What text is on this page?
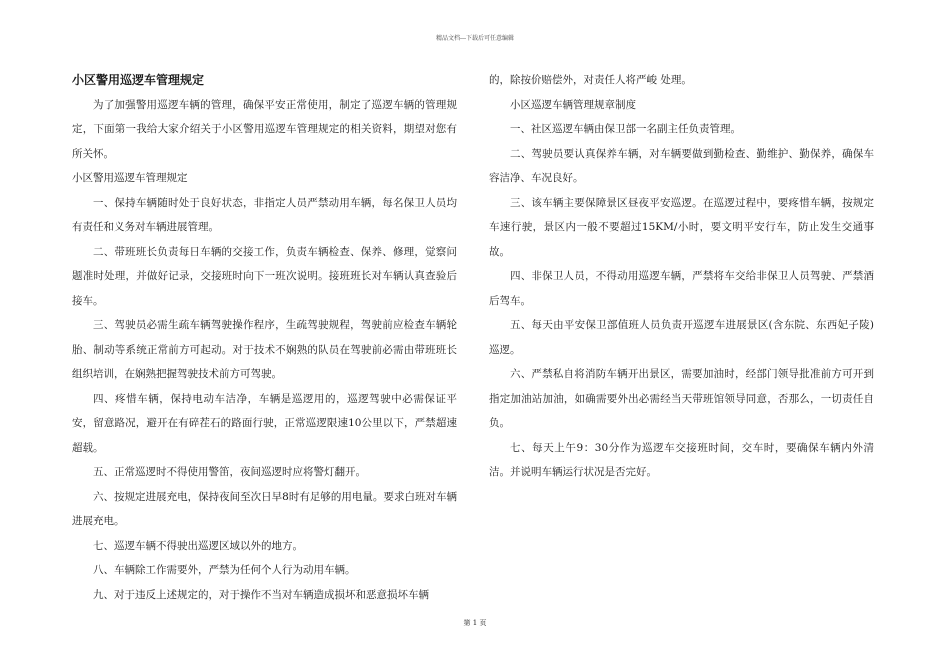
精品文档---下载后可任意编辑
小区警用巡逻车管理规定

为了加强警用巡逻车辆的管理，确保平安正常使用，制定了巡逻车辆的管理规定，下面第一我给大家介绍关于小区警用巡逻车管理规定的相关资料，期望对您有所关怀。

小区警用巡逻车管理规定

一、保持车辆随时处于良好状态，非指定人员严禁动用车辆，每名保卫人员均有责任和义务对车辆进展管理。

二、带班班长负责每日车辆的交接工作，负责车辆检查、保养、修理，觉察问题准时处理，并做好记录，交接班时向下一班次说明。接班班长对车辆认真查验后接车。

三、驾驶员必需生疏车辆驾驶操作程序，生疏驾驶规程，驾驶前应检查车辆轮胎、制动等系统正常前方可起动。对于技术不娴熟的队员在驾驶前必需由带班班长组织培训，在娴熟把握驾驶技术前方可驾驶。

四、疼惜车辆，保持电动车洁净，车辆是巡逻用的，巡逻驾驶中必需保证平安，留意路况，避开在有碎茬石的路面行驶，正常巡逻限速10公里以下，严禁超速超载。

五、正常巡逻时不得使用警笛，夜间巡逻时应将警灯翻开。

六、按规定进展充电，保持夜间至次日早8时有足够的用电量。要求白班对车辆进展充电。

七、巡逻车辆不得驶出巡逻区域以外的地方。

八、车辆除工作需要外，严禁为任何个人行为动用车辆。

九、对于违反上述规定的，对于操作不当对车辆造成损坏和恶意损坏车辆

的，除按价赔偿外，对责任人将严峻 处理。

小区巡逻车辆管理规章制度

一、社区巡逻车辆由保卫部一名副主任负责管理。

二、驾驶员要认真保养车辆，对车辆要做到勤检查、勤维护、勤保养，确保车容洁净、车况良好。

三、该车辆主要保障景区昼夜平安巡逻。在巡逻过程中，要疼惜车辆，按规定车速行驶，景区内一般不要超过15KM/小时，要文明平安行车，防止发生交通事故。

四、非保卫人员，不得动用巡逻车辆，严禁将车交给非保卫人员驾驶、严禁酒后驾车。

五、每天由平安保卫部值班人员负责开巡逻车进展景区(含东院、东西妃子陵)巡逻。

六、严禁私自将消防车辆开出景区，需要加油时，经部门领导批准前方可开到指定加油站加油，如确需要外出必需经当天带班馆领导同意，否那么，一切责任自负。

七、每天上午9：30分作为巡逻车交接班时间，交车时，要确保车辆内外清洁。并说明车辆运行状况是否完好。

第 1 页
